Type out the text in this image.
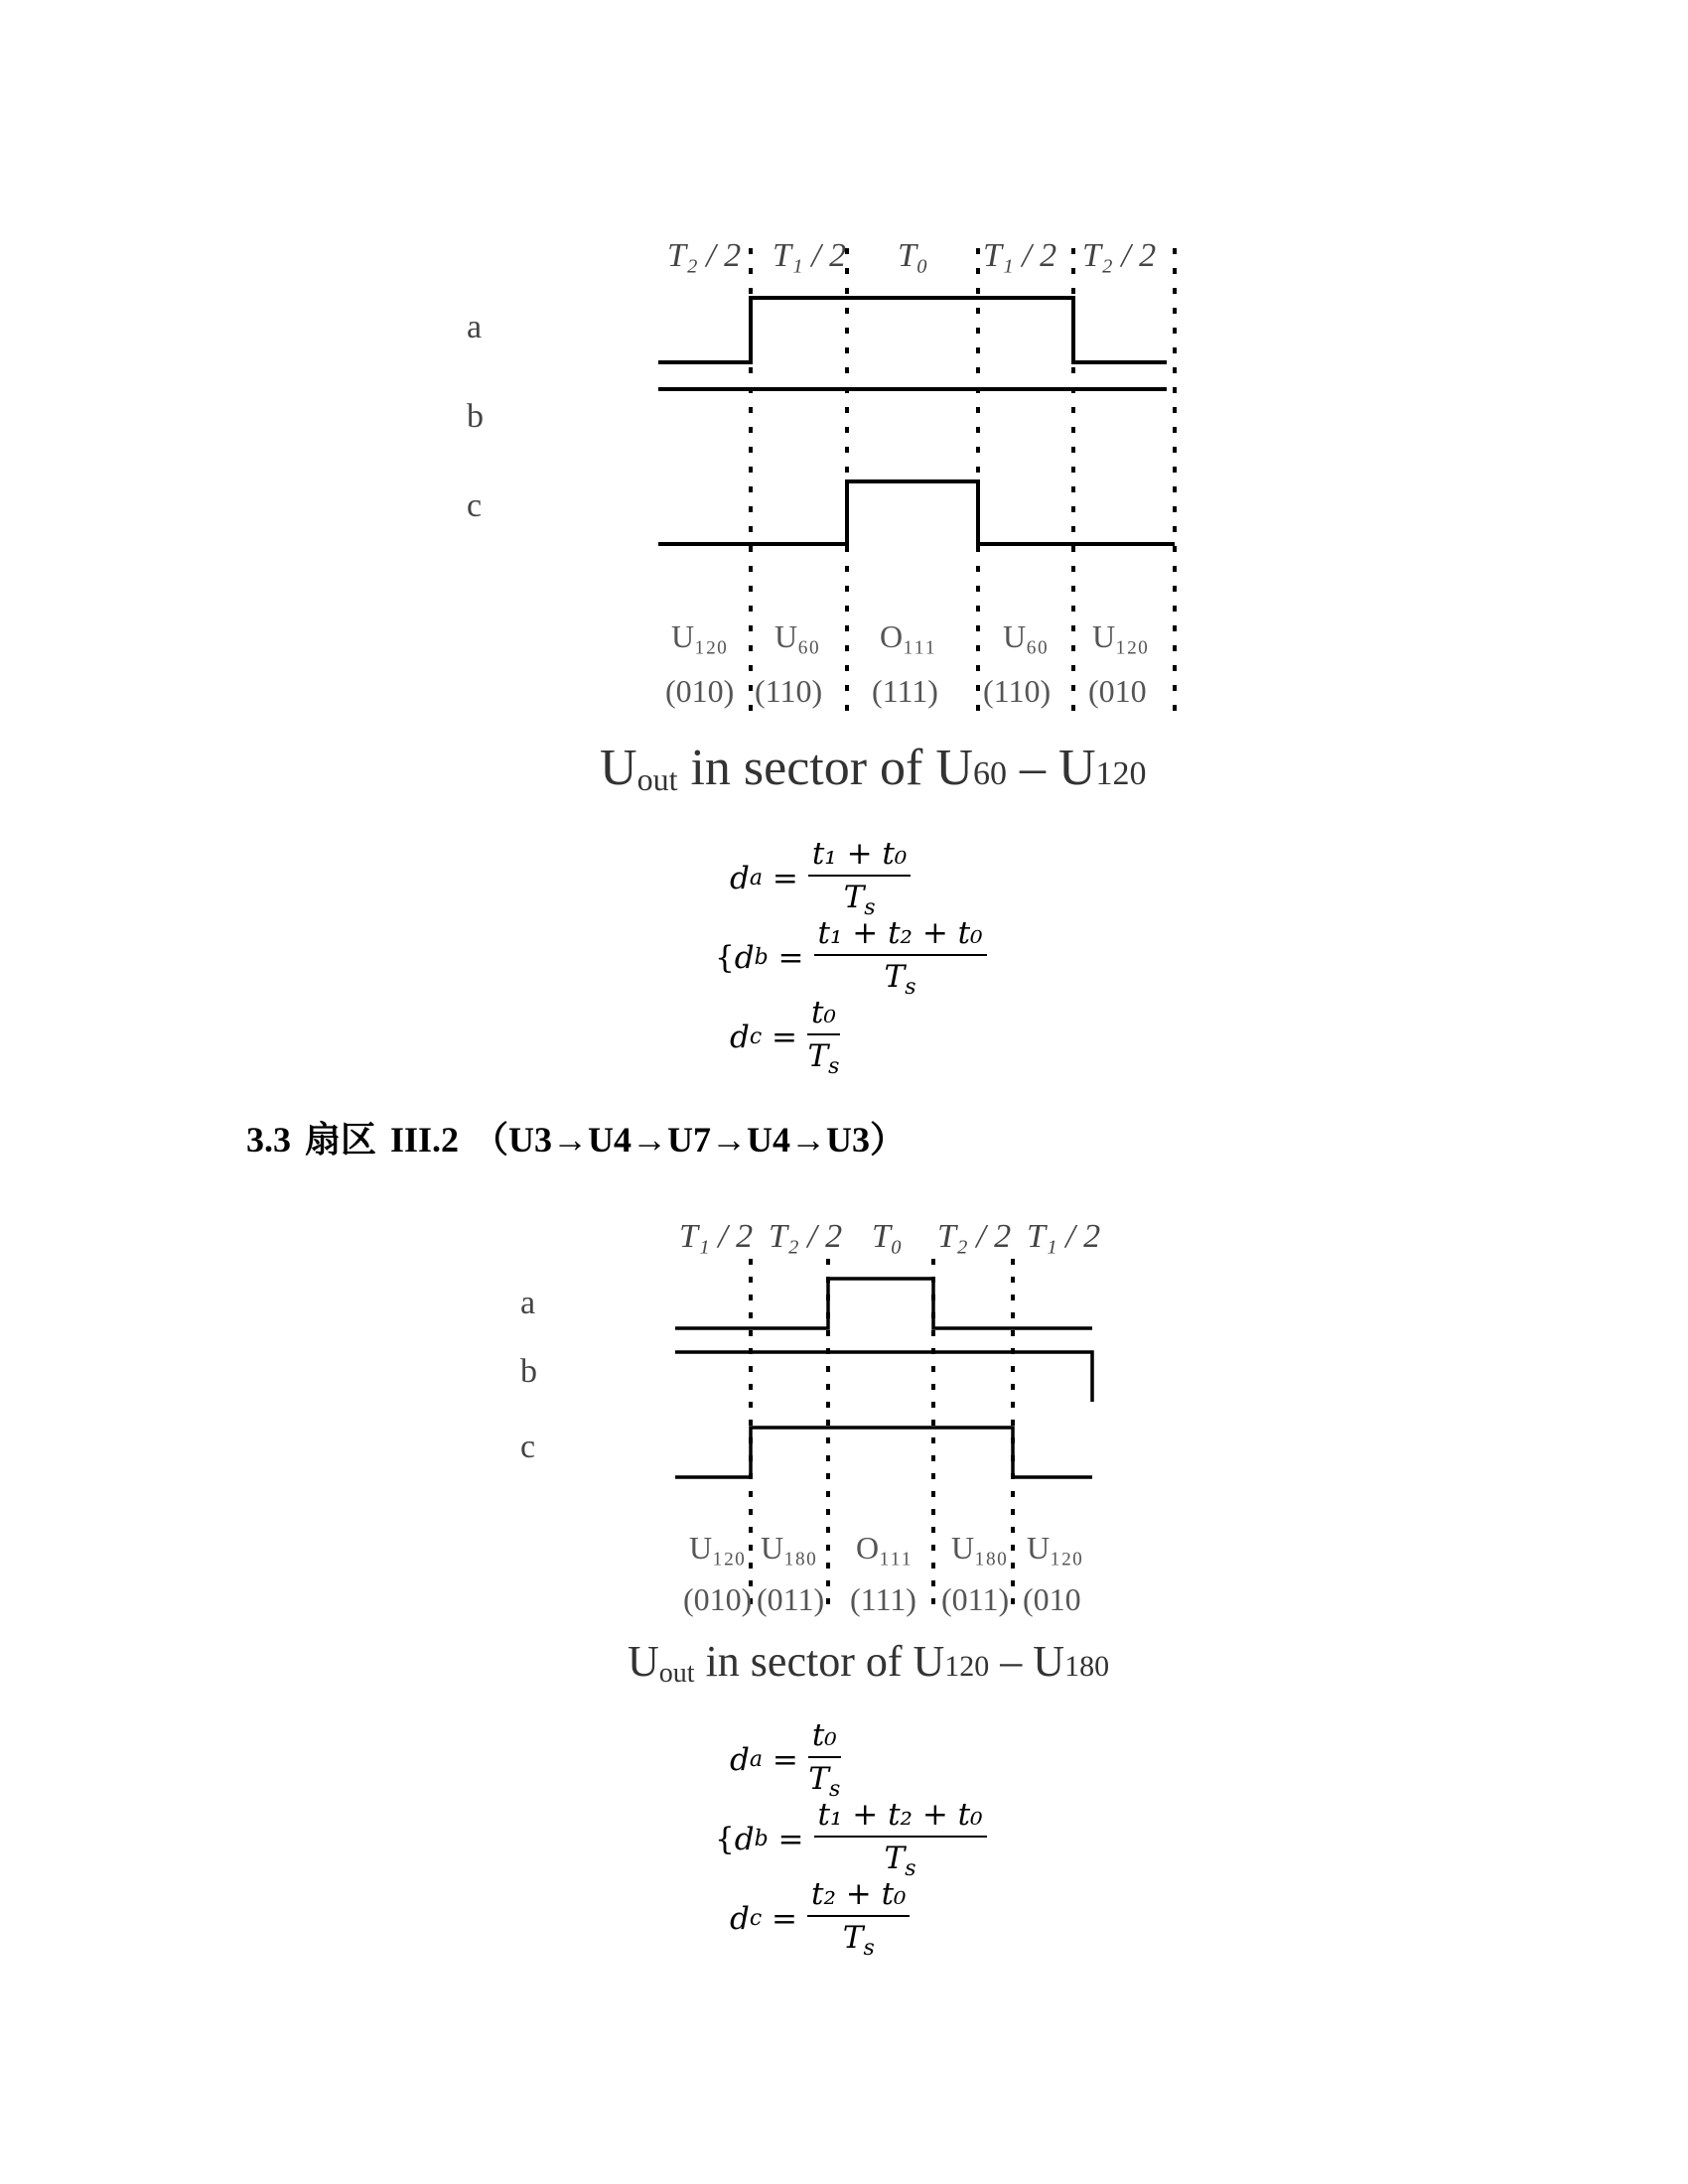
T₂ / 2 T₁ / 2 T₀ T₁ / 2 T₂ / 2
a
b
c
U₁₂₀ U₆₀ O₁₁₁ U₆₀ U₁₂₀
(010) (110) (111) (110) (010
Uout in sector of U60 – U120
d $a = \frac{\text{t₁ + t₀}}{T_s}$
{ d $b = \frac{\text{t₁ + t₂ + t₀}}{T_s}$
d $c = \frac{\text{t₀}}{T_s}$
3.3 扇区 III.2 （U3→U4→U7→U4→U3）
T₁ / 2 T₂ / 2 T₀ T₂ / 2 T₁ / 2
a
b
c
U₁₂₀ U₁₈₀ O₁₁₁ U₁₈₀ U₁₂₀
(010) (011) (111) (011) (010
Uout in sector of U120 – U180
d $a = \frac{\text{t₀}}{T_s}$
{ d $b = \frac{\text{t₁ + t₂ + t₀}}{T_s}$
d $c = \frac{\text{t₂ + t₀}}{T_s}$
